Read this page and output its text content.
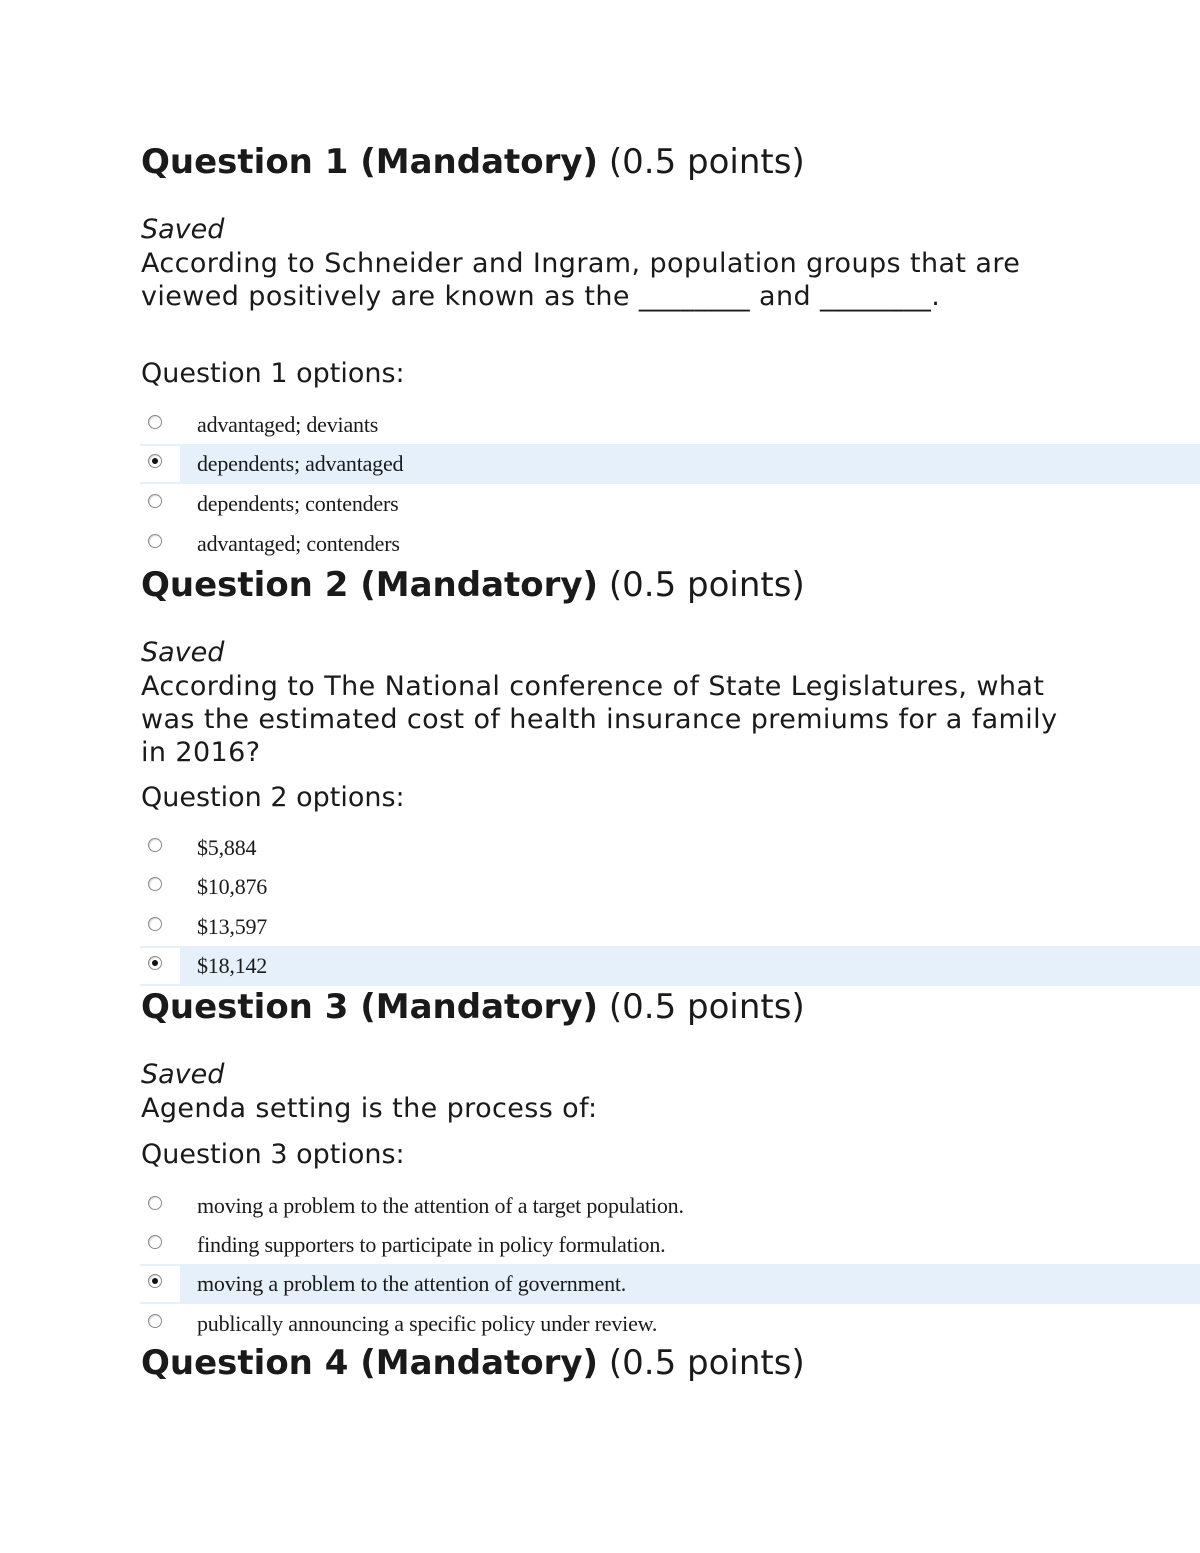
Question 1 (Mandatory) (0.5 points)
Saved
According to Schneider and Ingram, population groups that are viewed positively are known as the ________ and ________.
Question 1 options:
advantaged; deviants
dependents; advantaged
dependents; contenders
advantaged; contenders
Question 2 (Mandatory) (0.5 points)
Saved
According to The National conference of State Legislatures, what was the estimated cost of health insurance premiums for a family in 2016?
Question 2 options:
$5,884
$10,876
$13,597
$18,142
Question 3 (Mandatory) (0.5 points)
Saved
Agenda setting is the process of:
Question 3 options:
moving a problem to the attention of a target population.
finding supporters to participate in policy formulation.
moving a problem to the attention of government.
publically announcing a specific policy under review.
Question 4 (Mandatory) (0.5 points)
